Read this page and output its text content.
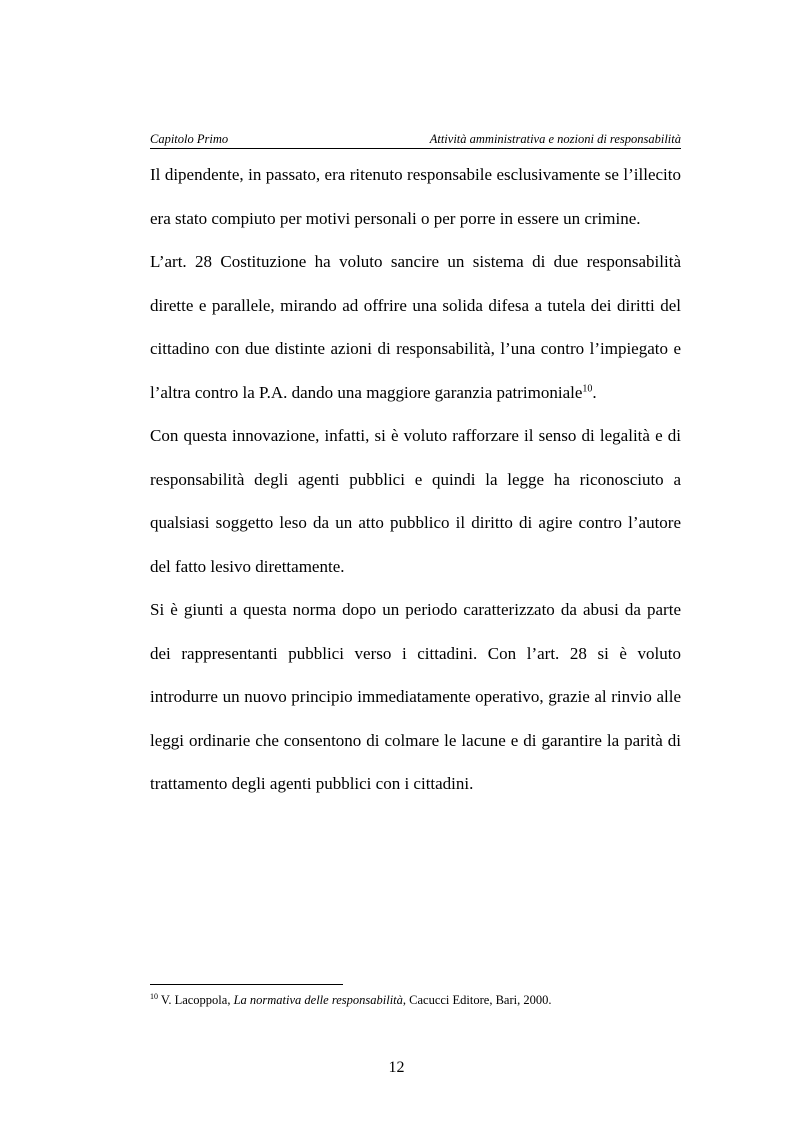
Capitolo Primo	Attività amministrativa e nozioni di responsabilità

Il dipendente, in passato, era ritenuto responsabile esclusivamente se l’illecito era stato compiuto per motivi personali o per porre in essere un crimine.

L’art. 28 Costituzione ha voluto sancire un sistema di due responsabilità dirette e parallele, mirando ad offrire una solida difesa a tutela dei diritti del cittadino con due distinte azioni di responsabilità, l’una contro l’impiegato e l’altra contro la P.A. dando una maggiore garanzia patrimoniale$^{10}$.

Con questa innovazione, infatti, si è voluto rafforzare il senso di legalità e di responsabilità degli agenti pubblici e quindi la legge ha riconosciuto a qualsiasi soggetto leso da un atto pubblico il diritto di agire contro l’autore del fatto lesivo direttamente.

Si è giunti a questa norma dopo un periodo caratterizzato da abusi da parte dei rappresentanti pubblici verso i cittadini. Con l’art. 28 si è voluto introdurre un nuovo principio immediatamente operativo, grazie al rinvio alle leggi ordinarie che consentono di colmare le lacune e di garantire la parità di trattamento degli agenti pubblici con i cittadini.

$^{10}$ V. Lacoppola, La normativa delle responsabilità, Cacucci Editore, Bari, 2000.
12
